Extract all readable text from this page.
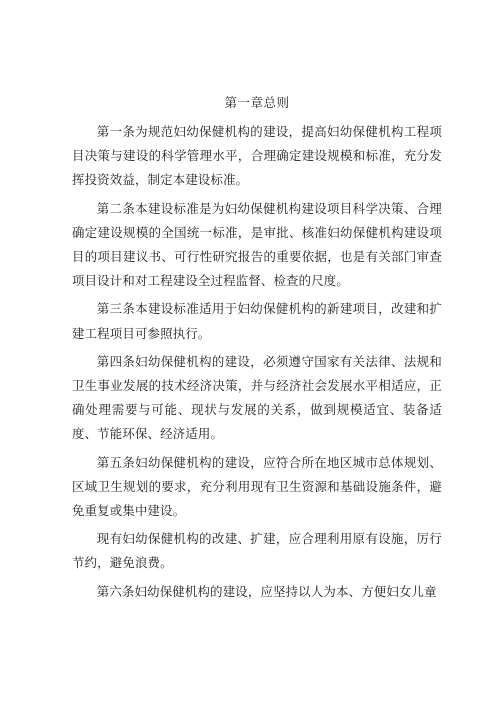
第一章总则

第一条为规范妇幼保健机构的建设，提高妇幼保健机构工程项目决策与建设的科学管理水平，合理确定建设规模和标准，充分发挥投资效益，制定本建设标准。

第二条本建设标准是为妇幼保健机构建设项目科学决策、合理确定建设规模的全国统一标准，是审批、核准妇幼保健机构建设项目的项目建议书、可行性研究报告的重要依据，也是有关部门审查项目设计和对工程建设全过程监督、检查的尺度。

第三条本建设标准适用于妇幼保健机构的新建项目，改建和扩建工程项目可参照执行。

第四条妇幼保健机构的建设，必须遵守国家有关法律、法规和卫生事业发展的技术经济决策，并与经济社会发展水平相适应，正确处理需要与可能、现状与发展的关系，做到规模适宜、装备适度、节能环保、经济适用。

第五条妇幼保健机构的建设，应符合所在地区城市总体规划、区域卫生规划的要求，充分利用现有卫生资源和基础设施条件，避免重复或集中建设。

现有妇幼保健机构的改建、扩建，应合理利用原有设施，厉行节约，避免浪费。

第六条妇幼保健机构的建设，应坚持以人为本、方便妇女儿童
